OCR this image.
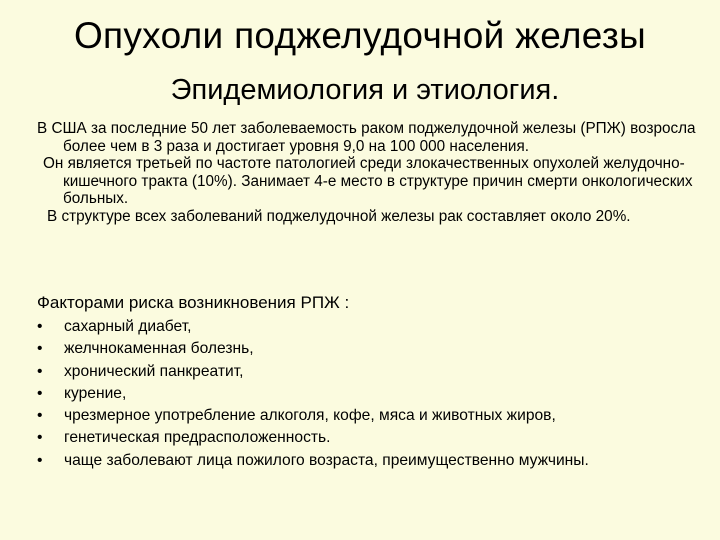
Опухоли поджелудочной железы
Эпидемиология и этиология.

В США за последние 50 лет заболеваемость раком поджелудочной железы (РПЖ) возросла более чем в 3 раза и достигает уровня 9,0 на 100 000 населения.

Он является третьей по частоте патологией среди злокачественных опухолей желудочно-кишечного тракта (10%). Занимает 4-е место в структуре причин смерти онкологических больных.

В структуре всех заболеваний поджелудочной железы рак составляет около 20%.

Факторами риска возникновения РПЖ :
• сахарный диабет,
• желчнокаменная болезнь,
• хронический панкреатит,
• курение,
• чрезмерное употребление алкоголя, кофе, мяса и животных жиров,
• генетическая предрасположенность.
• чаще заболевают лица пожилого возраста, преимущественно мужчины.
